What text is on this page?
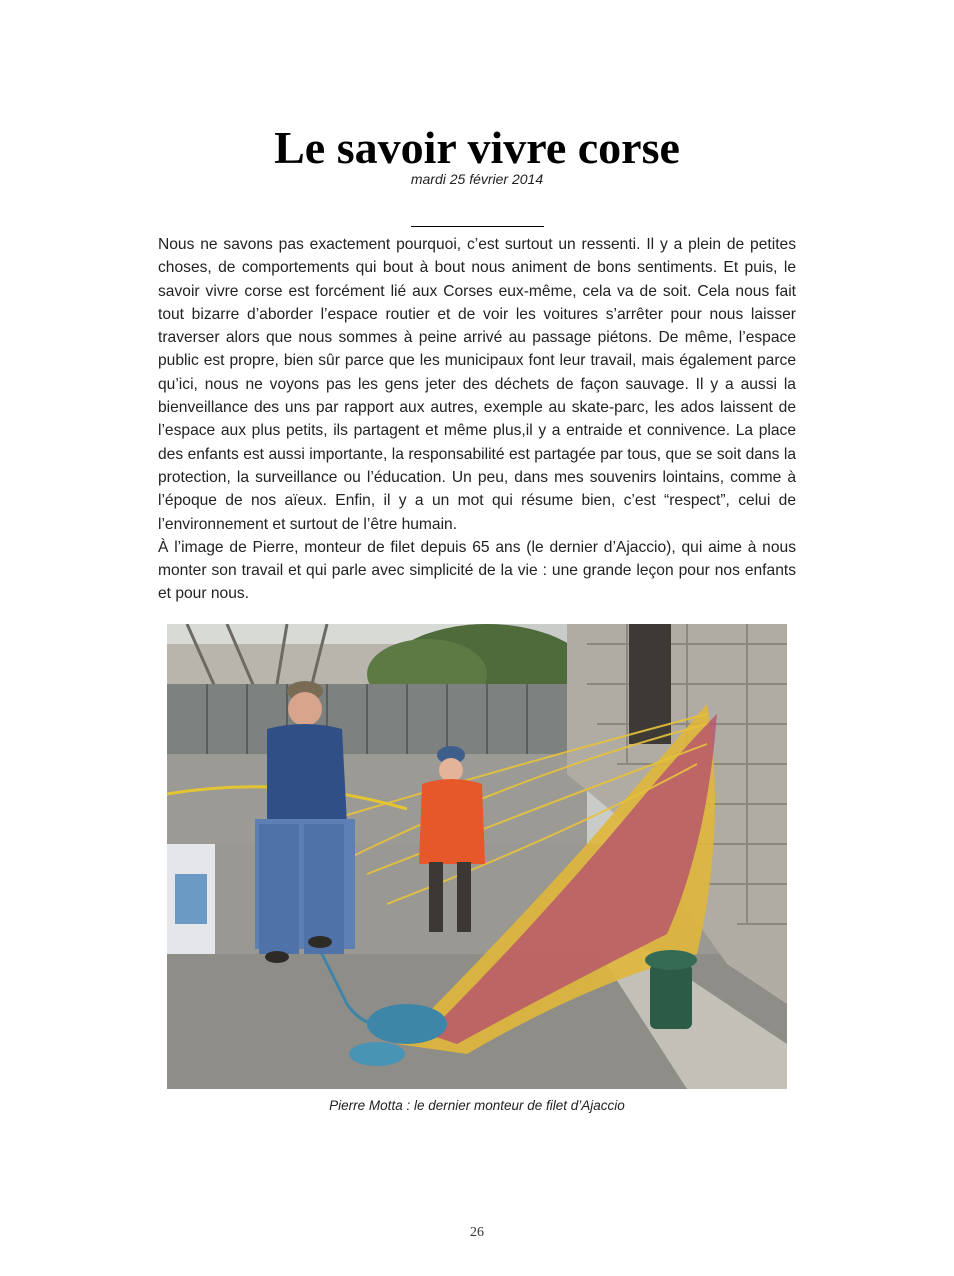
Le savoir vivre corse
mardi 25 février 2014

Nous ne savons pas exactement pourquoi, c’est surtout un ressenti. Il y a plein de petites choses, de comportements qui bout à bout nous animent de bons sentiments. Et puis, le savoir vivre corse est forcément lié aux Corses eux-même, cela va de soit. Cela nous fait tout bizarre d’aborder l’espace routier et de voir les voitures s’arrêter pour nous laisser traverser alors que nous sommes à peine arrivé au passage piétons. De même, l’espace public est propre, bien sûr parce que les municipaux font leur travail, mais également parce qu’ici, nous ne voyons pas les gens jeter des déchets de façon sauvage. Il y a aussi la bienveillance des uns par rapport aux autres, exemple au skate-parc, les ados laissent de l’espace aux plus petits, ils partagent et même plus,il y a entraide et connivence. La place des enfants est aussi importante, la responsabilité est partagée par tous, que se soit dans la protection, la surveillance ou l’éducation. Un peu, dans mes souvenirs lointains, comme à l’époque de nos aïeux. Enfin, il y a un mot qui résume bien, c’est “respect”, celui de l’environnement et surtout de l’être humain.

À l’image de Pierre, monteur de filet depuis 65 ans (le dernier d’Ajaccio), qui aime à nous monter son travail et qui parle avec simplicité de la vie : une grande leçon pour nos enfants et pour nous.

Pierre Motta : le dernier monteur de filet d’Ajaccio
26
